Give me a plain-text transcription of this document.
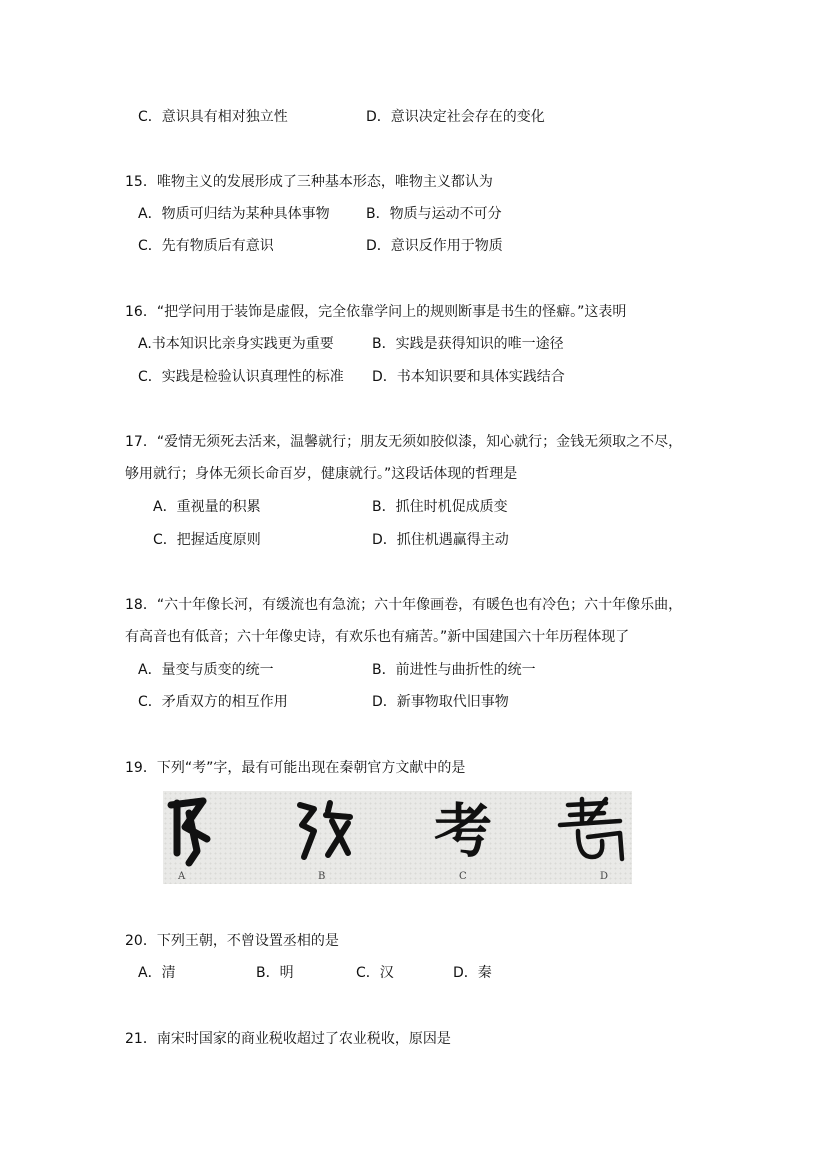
C．意识具有相对独立性	D．意识决定社会存在的变化
15．唯物主义的发展形成了三种基本形态，唯物主义都认为
A．物质可归结为某种具体事物	B．物质与运动不可分
C．先有物质后有意识	D．意识反作用于物质
16．“把学问用于装饰是虚假，完全依靠学问上的规则断事是书生的怪癖。”这表明
A.书本知识比亲身实践更为重要	B．实践是获得知识的唯一途径
C．实践是检验认识真理性的标准 D．书本知识要和具体实践结合
17．“爱情无须死去活来，温馨就行；朋友无须如胶似漆，知心就行；金钱无须取之不尽，
够用就行；身体无须长命百岁，健康就行。”这段话体现的哲理是
A．重视量的积累	B．抓住时机促成质变
C．把握适度原则	D．抓住机遇赢得主动
18．“六十年像长河，有缓流也有急流；六十年像画卷，有暖色也有冷色；六十年像乐曲，
有高音也有低音；六十年像史诗，有欢乐也有痛苦。”新中国建国六十年历程体现了
A．量变与质变的统一	B．前进性与曲折性的统一
C．矛盾双方的相互作用	D．新事物取代旧事物
19．下列“考”字，最有可能出现在秦朝官方文献中的是
考
A	B	C	D
20．下列王朝，不曾设置丞相的是
A．清	B．明	C．汉	D．秦
21．南宋时国家的商业税收超过了农业税收，原因是
